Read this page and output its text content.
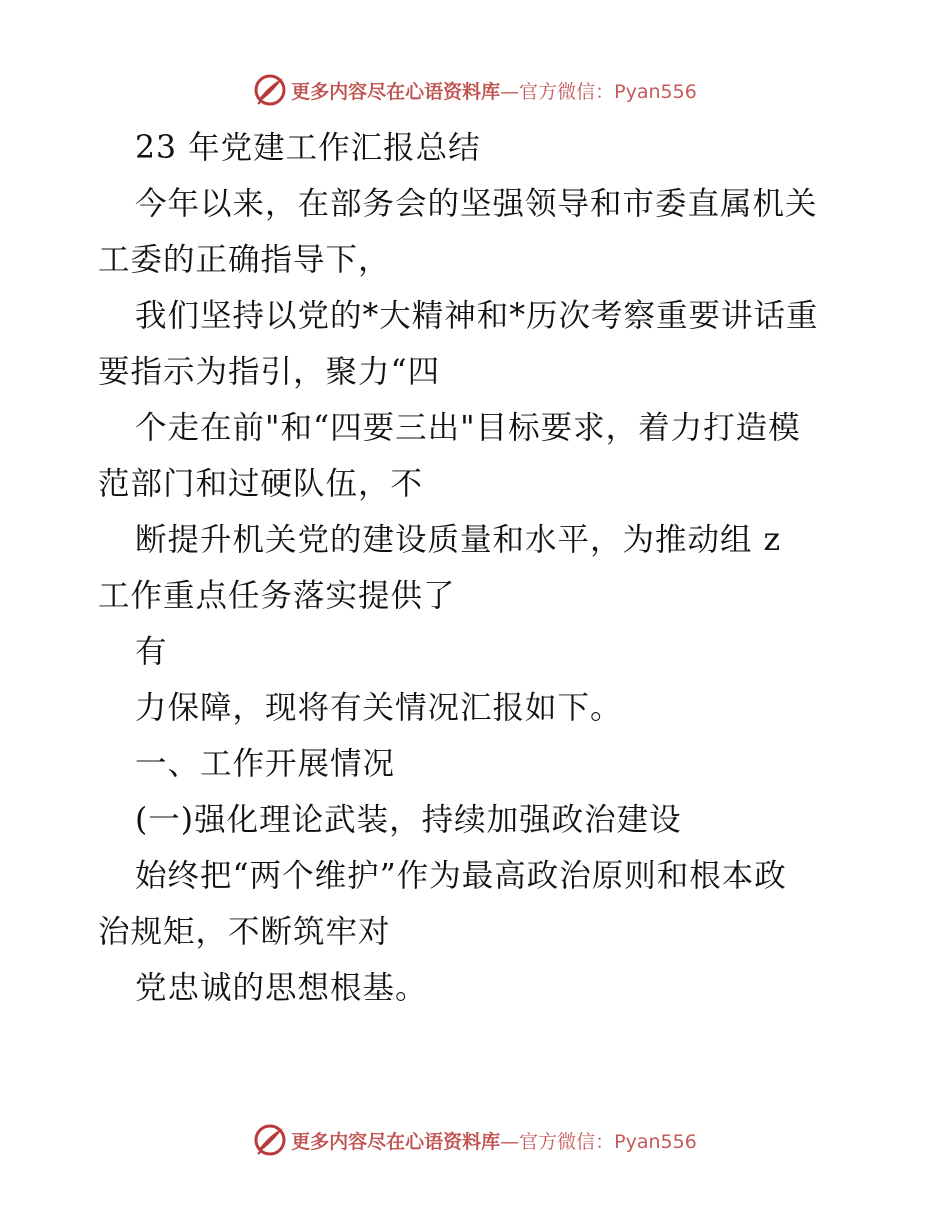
更多内容尽在心语资料库—官方微信：Pyan556

23 年党建工作汇报总结

今年以来，在部务会的坚强领导和市委直属机关

工委的正确指导下，

我们坚持以党的*大精神和*历次考察重要讲话重

要指示为指引，聚力“四

个走在前"和“四要三出"目标要求，着力打造模

范部门和过硬队伍，不

断提升机关党的建设质量和水平，为推动组 z

工作重点任务落实提供了

有

力保障，现将有关情况汇报如下。

一、工作开展情况

(一)强化理论武装，持续加强政治建设

始终把“两个维护”作为最高政治原则和根本政

治规矩，不断筑牢对

党忠诚的思想根基。

更多内容尽在心语资料库—官方微信：Pyan556
